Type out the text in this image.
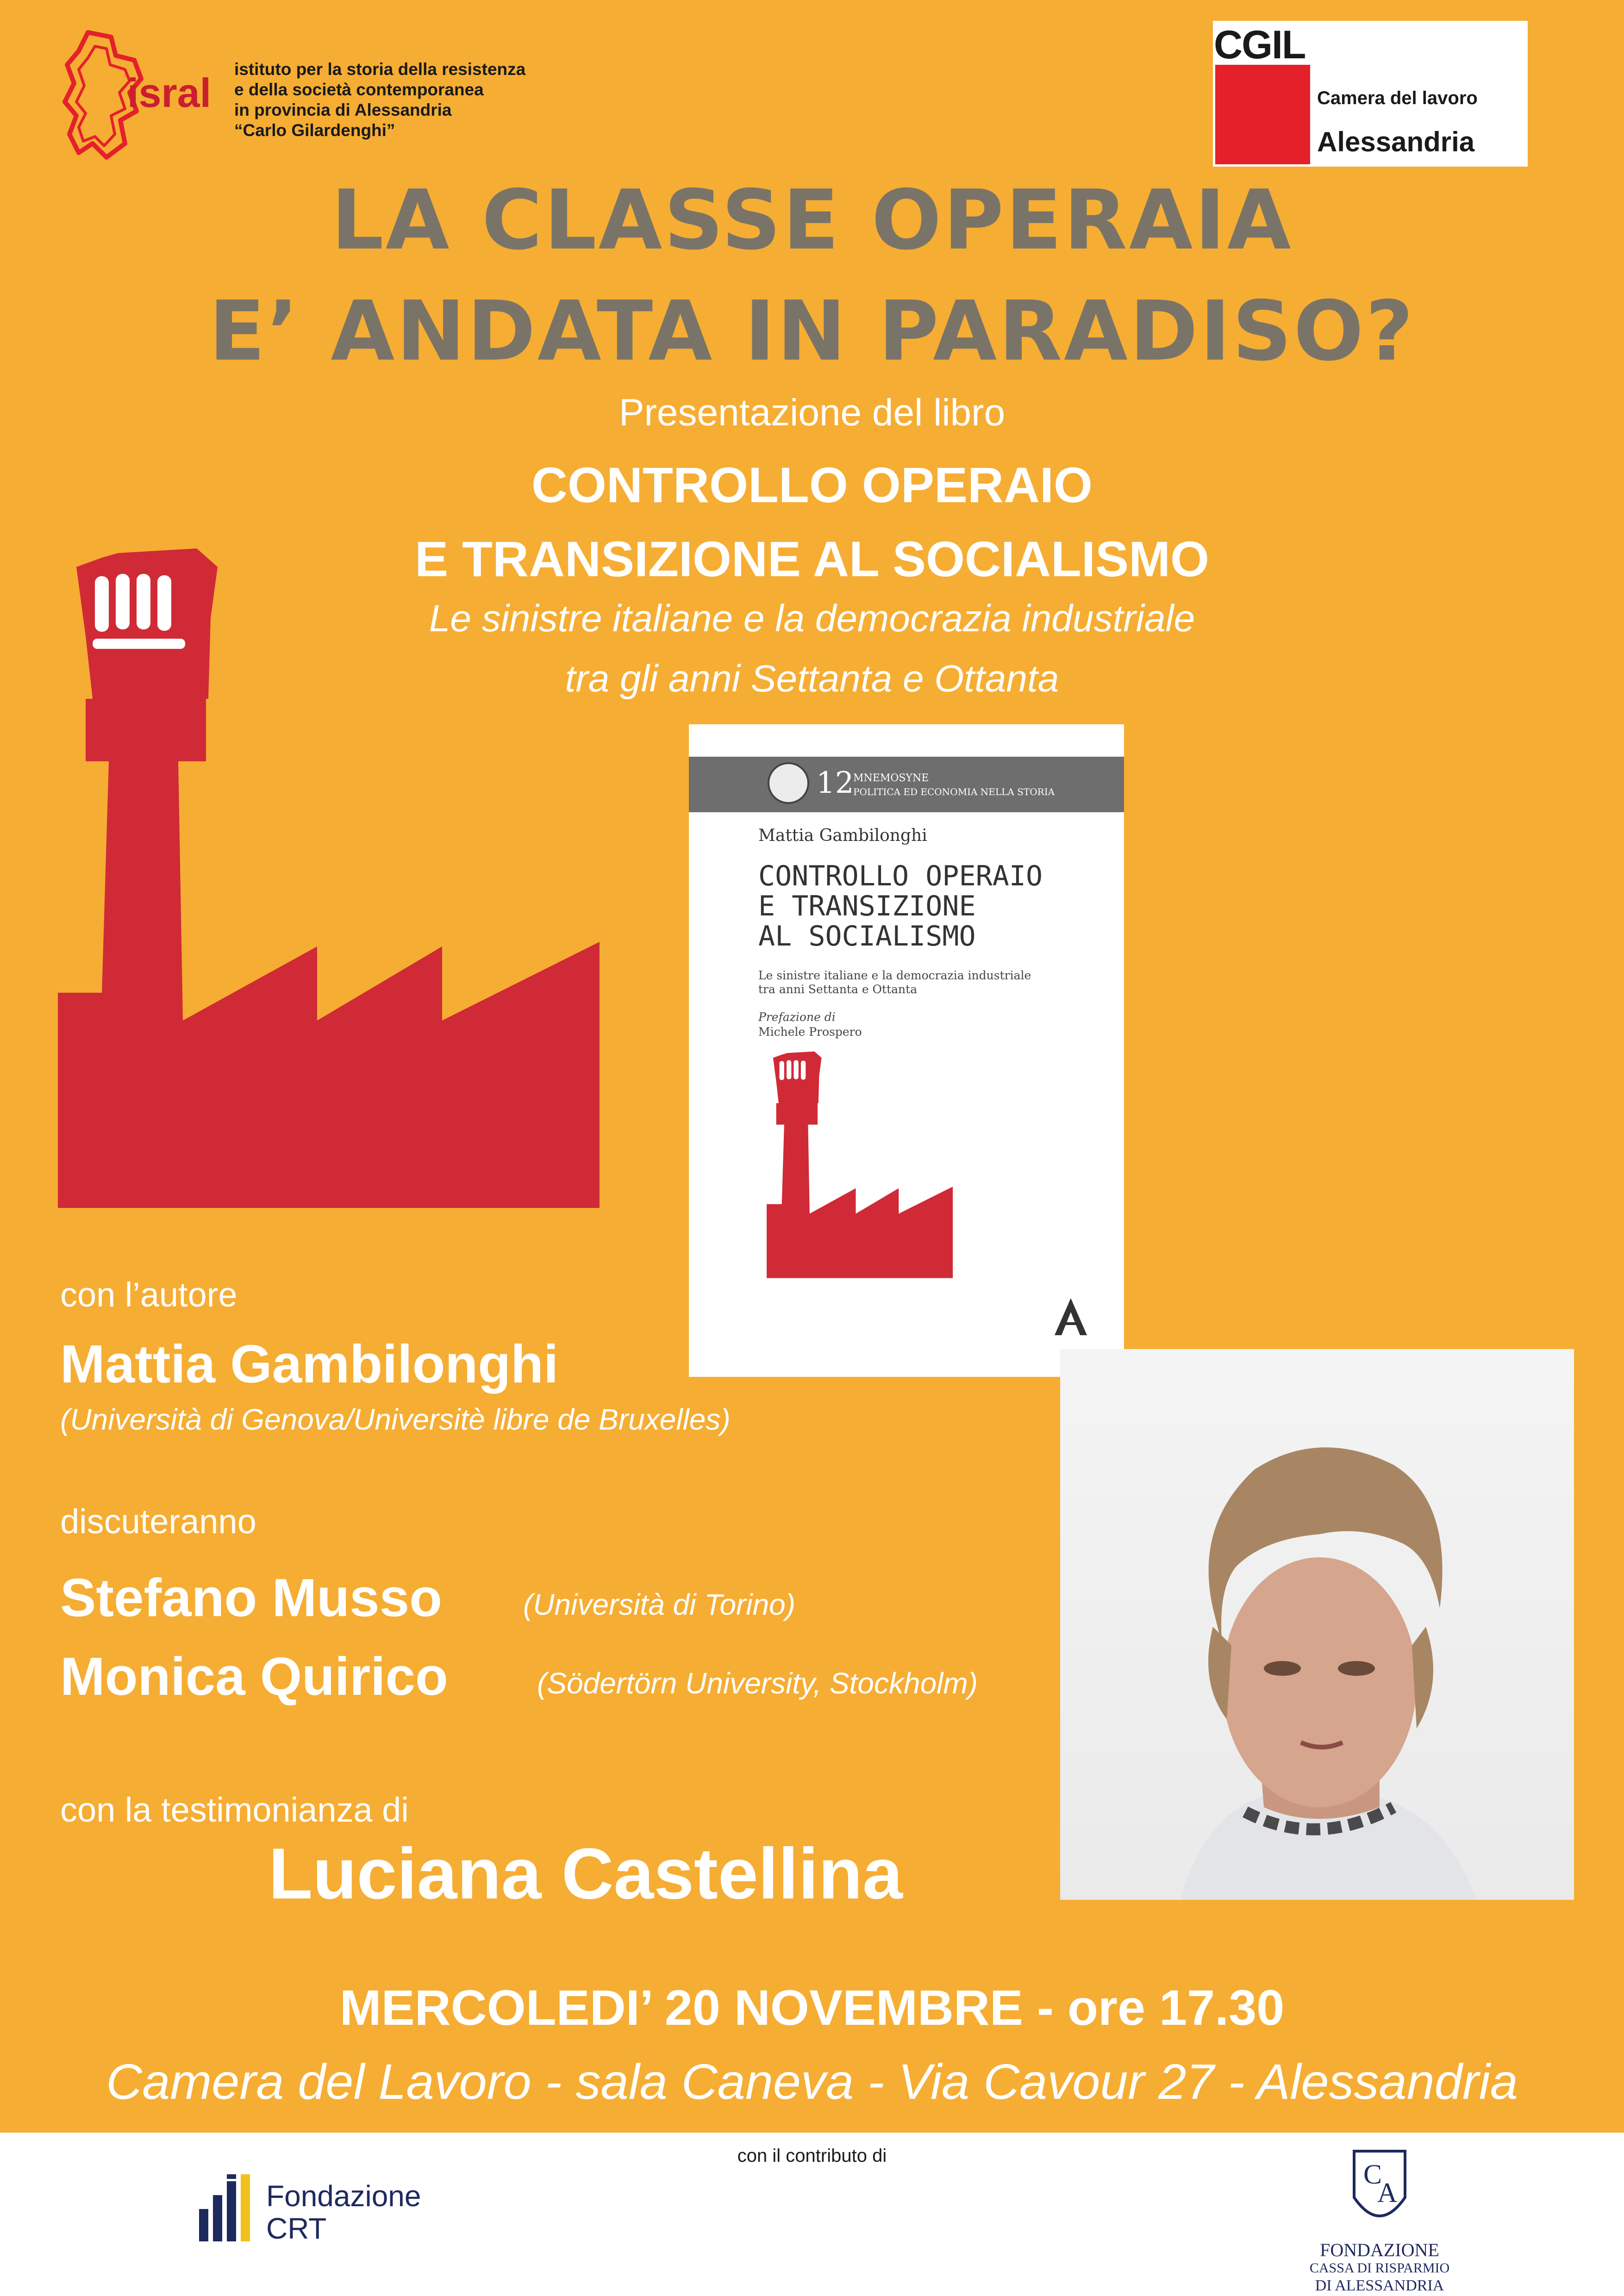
isral
istituto per la storia della resistenza
e della società contemporanea
in provincia di Alessandria
“Carlo Gilardenghi”
CGIL
Camera del lavoro
Alessandria
LA CLASSE OPERAIA
E’ ANDATA IN PARADISO?
Presentazione del libro
CONTROLLO OPERAIO
E TRANSIZIONE AL SOCIALISMO
Le sinistre italiane e la democrazia industriale
tra gli anni Settanta e Ottanta
12
MNEMOSYNE
POLITICA ED ECONOMIA NELLA STORIA
Mattia Gambilonghi
CONTROLLO OPERAIO
E TRANSIZIONE
AL SOCIALISMO
Le sinistre italiane e la democrazia industriale
tra anni Settanta e Ottanta
Prefazione di
Michele Prospero
con l’autore
Mattia Gambilonghi
(Università di Genova/Universitè libre de Bruxelles)
discuteranno
Stefano Musso	(Università di Torino)
Monica Quirico	(Södertörn University, Stockholm)
con la testimonianza di
Luciana Castellina
MERCOLEDI’ 20 NOVEMBRE - ore 17.30
Camera del Lavoro - sala Caneva - Via Cavour 27 - Alessandria
con il contributo di
Fondazione
CRT
C
A
FONDAZIONE
CASSA DI RISPARMIO
DI ALESSANDRIA
